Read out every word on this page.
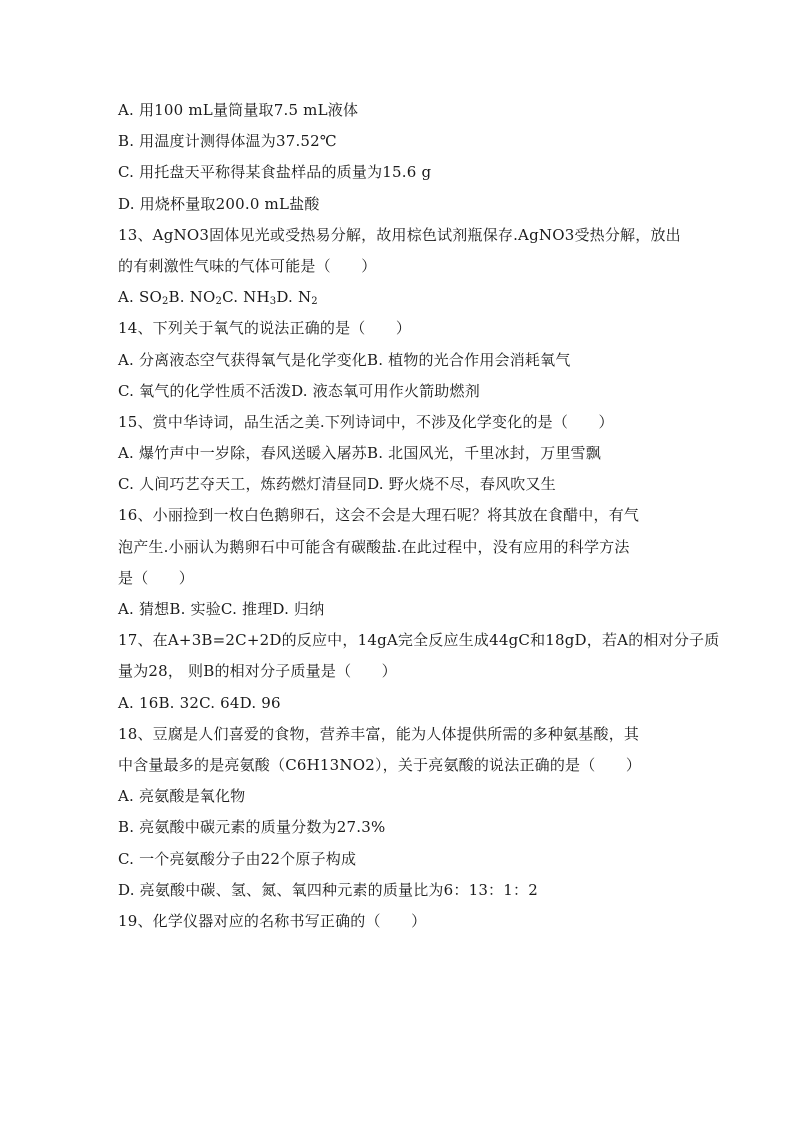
A. 用100 mL量筒量取7.5 mL液体
B. 用温度计测得体温为37.52℃
C. 用托盘天平称得某食盐样品的质量为15.6 g
D. 用烧杯量取200.0 mL盐酸
13、AgNO3固体见光或受热易分解，故用棕色试剂瓶保存.AgNO3受热分解，放出
的有刺激性气味的气体可能是（　　）
A. $SO_2B$. $NO_2C$. $NH_3D$. $N_2$
14、下列关于氧气的说法正确的是（　　）
A. 分离液态空气获得氧气是化学变化B. 植物的光合作用会消耗氧气
C. 氧气的化学性质不活泼D. 液态氧可用作火箭助燃剂
15、赏中华诗词，品生活之美.下列诗词中，不涉及化学变化的是（　　）
A. 爆竹声中一岁除，春风送暖入屠苏B. 北国风光，千里冰封，万里雪飘
C. 人间巧艺夺天工，炼药燃灯清昼同D. 野火烧不尽，春风吹又生
16、小丽捡到一枚白色鹅卵石，这会不会是大理石呢？将其放在食醋中，有气
泡产生.小丽认为鹅卵石中可能含有碳酸盐.在此过程中，没有应用的科学方法
是（　　）
A. 猜想B. 实验C. 推理D. 归纳
17、在A+3B=2C+2D的反应中，14gA完全反应生成44gC和18gD，若A的相对分子质
量为28， 则B的相对分子质量是（　　）
A. 16B. 32C. 64D. 96
18、豆腐是人们喜爱的食物，营养丰富，能为人体提供所需的多种氨基酸，其
中含量最多的是亮氨酸（C6H13NO2），关于亮氨酸的说法正确的是（　　）
A. 亮氨酸是氧化物
B. 亮氨酸中碳元素的质量分数为27.3%
C. 一个亮氨酸分子由22个原子构成
D. 亮氨酸中碳、氢、氮、氧四种元素的质量比为6：13：1：2
19、化学仪器对应的名称书写正确的（　　）
